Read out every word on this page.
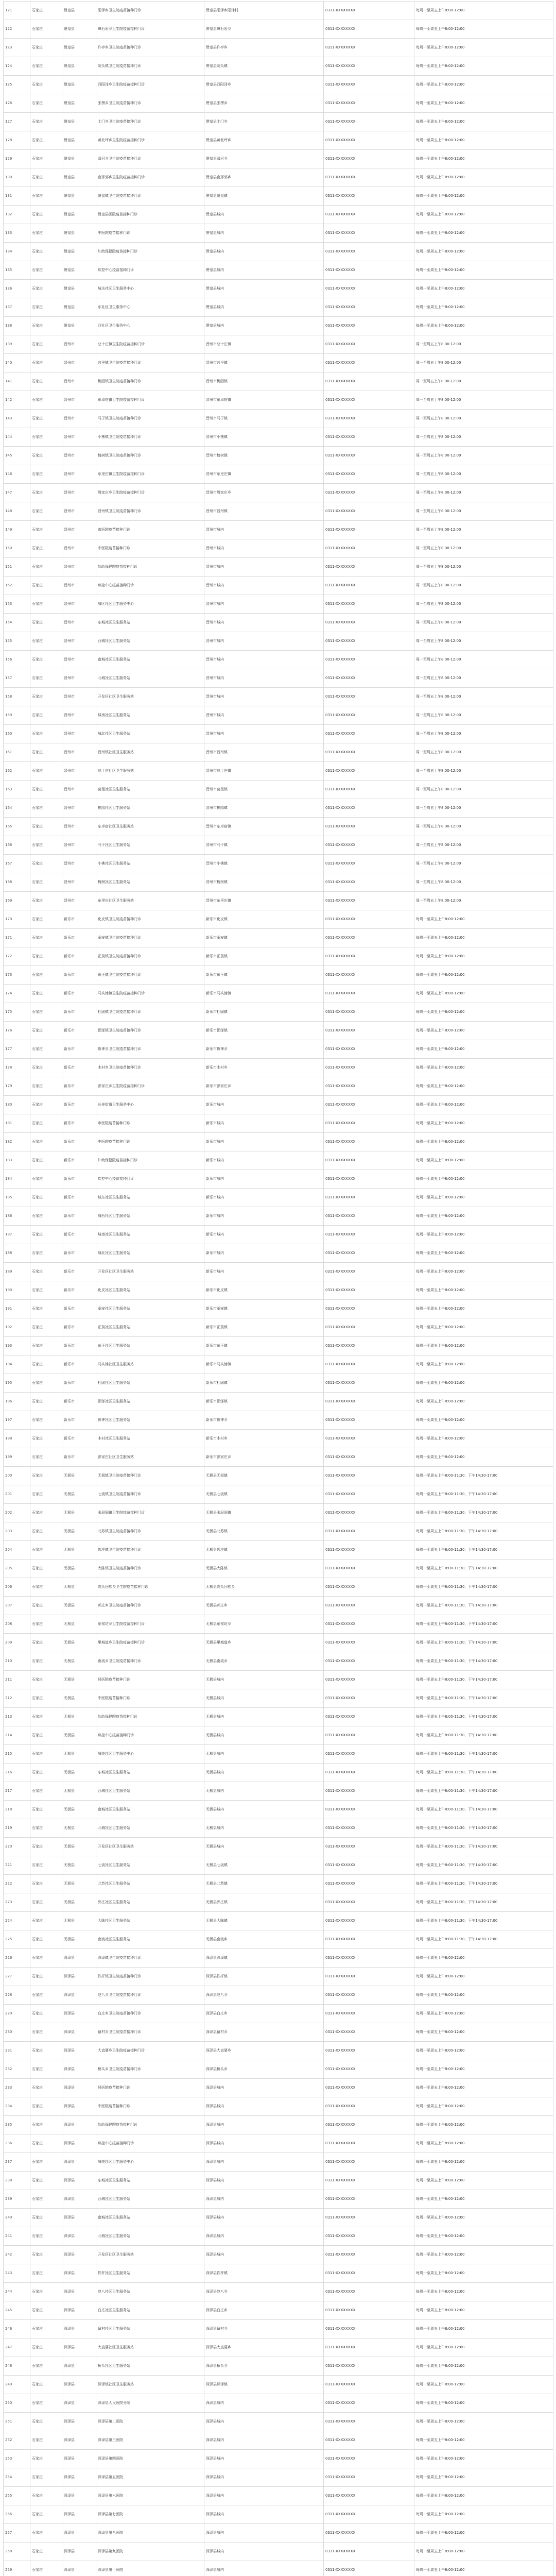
121	石家庄	赞皇县	阳泽乡卫生院疫苗接种门诊	赞皇县阳泽乡阳泽村	0311-XXXXXXXX	每周一至周五上午8:00-12:00
122	石家庄	赞皇县	嶂石岩乡卫生院疫苗接种门诊	赞皇县嶂石岩乡	0311-XXXXXXXX	每周一至周五上午8:00-12:00
123	石家庄	赞皇县	许亭乡卫生院疫苗接种门诊	赞皇县许亭乡	0311-XXXXXXXX	每周一至周五上午8:00-12:00
124	石家庄	赞皇县	院头镇卫生院疫苗接种门诊	赞皇县院头镇	0311-XXXXXXXX	每周一至周五上午8:00-12:00
125	石家庄	赞皇县	西阳泽乡卫生院疫苗接种门诊	赞皇县西阳泽乡	0311-XXXXXXXX	每周一至周五上午8:00-12:00
126	石家庄	赞皇县	张楞乡卫生院疫苗接种门诊	赞皇县张楞乡	0311-XXXXXXXX	每周一至周五上午8:00-12:00
127	石家庄	赞皇县	土门乡卫生院疫苗接种门诊	赞皇县土门乡	0311-XXXXXXXX	每周一至周五上午8:00-12:00
128	石家庄	赞皇县	黄北坪乡卫生院疫苗接种门诊	赞皇县黄北坪乡	0311-XXXXXXXX	每周一至周五上午8:00-12:00
129	石家庄	赞皇县	清河乡卫生院疫苗接种门诊	赞皇县清河乡	0311-XXXXXXXX	每周一至周五上午8:00-12:00
130	石家庄	赞皇县	南邢郭乡卫生院疫苗接种门诊	赞皇县南邢郭乡	0311-XXXXXXXX	每周一至周五上午8:00-12:00
131	石家庄	赞皇县	赞皇镇卫生院疫苗接种门诊	赞皇县赞皇镇	0311-XXXXXXXX	每周一至周五上午8:00-12:00
132	石家庄	赞皇县	赞皇县医院疫苗接种门诊	赞皇县城内	0311-XXXXXXXX	每周一至周五上午8:00-12:00
133	石家庄	赞皇县	中医院疫苗接种门诊	赞皇县城内	0311-XXXXXXXX	每周一至周五上午8:00-12:00
134	石家庄	赞皇县	妇幼保健院疫苗接种门诊	赞皇县城内	0311-XXXXXXXX	每周一至周五上午8:00-12:00
135	石家庄	赞皇县	疾控中心疫苗接种门诊	赞皇县城内	0311-XXXXXXXX	每周一至周五上午8:00-12:00
136	石家庄	赞皇县	城关社区卫生服务中心	赞皇县城内	0311-XXXXXXXX	每周一至周五上午8:00-12:00
137	石家庄	赞皇县	东社区卫生服务中心	赞皇县城内	0311-XXXXXXXX	每周一至周五上午8:00-12:00
138	石家庄	赞皇县	西社区卫生服务中心	赞皇县城内	0311-XXXXXXXX	每周一至周五上午8:00-12:00
139	石家庄	晋州市	总十庄镇卫生院疫苗接种门诊	晋州市总十庄镇	0311-XXXXXXXX	周一至周五上午8:00-12:00
140	石家庄	晋州市	营里镇卫生院疫苗接种门诊	晋州市营里镇	0311-XXXXXXXX	周一至周五上午8:00-12:00
141	石家庄	晋州市	桃园镇卫生院疫苗接种门诊	晋州市桃园镇	0311-XXXXXXXX	周一至周五上午8:00-12:00
142	石家庄	晋州市	东卓宿镇卫生院疫苗接种门诊	晋州市东卓宿镇	0311-XXXXXXXX	周一至周五上午8:00-12:00
143	石家庄	晋州市	马于镇卫生院疫苗接种门诊	晋州市马于镇	0311-XXXXXXXX	周一至周五上午8:00-12:00
144	石家庄	晋州市	小樵镇卫生院疫苗接种门诊	晋州市小樵镇	0311-XXXXXXXX	周一至周五上午8:00-12:00
145	石家庄	晋州市	槐树镇卫生院疫苗接种门诊	晋州市槐树镇	0311-XXXXXXXX	周一至周五上午8:00-12:00
146	石家庄	晋州市	东里庄镇卫生院疫苗接种门诊	晋州市东里庄镇	0311-XXXXXXXX	周一至周五上午8:00-12:00
147	石家庄	晋州市	周家庄乡卫生院疫苗接种门诊	晋州市周家庄乡	0311-XXXXXXXX	周一至周五上午8:00-12:00
148	石家庄	晋州市	晋州镇卫生院疫苗接种门诊	晋州市晋州镇	0311-XXXXXXXX	周一至周五上午8:00-12:00
149	石家庄	晋州市	市医院疫苗接种门诊	晋州市城内	0311-XXXXXXXX	周一至周五上午8:00-12:00
150	石家庄	晋州市	中医院疫苗接种门诊	晋州市城内	0311-XXXXXXXX	周一至周五上午8:00-12:00
151	石家庄	晋州市	妇幼保健院疫苗接种门诊	晋州市城内	0311-XXXXXXXX	周一至周五上午8:00-12:00
152	石家庄	晋州市	疾控中心疫苗接种门诊	晋州市城内	0311-XXXXXXXX	周一至周五上午8:00-12:00
153	石家庄	晋州市	城区社区卫生服务中心	晋州市城内	0311-XXXXXXXX	周一至周五上午8:00-12:00
154	石家庄	晋州市	东城社区卫生服务站	晋州市城内	0311-XXXXXXXX	周一至周五上午8:00-12:00
155	石家庄	晋州市	西城社区卫生服务站	晋州市城内	0311-XXXXXXXX	周一至周五上午8:00-12:00
156	石家庄	晋州市	南城社区卫生服务站	晋州市城内	0311-XXXXXXXX	周一至周五上午8:00-12:00
157	石家庄	晋州市	北城社区卫生服务站	晋州市城内	0311-XXXXXXXX	周一至周五上午8:00-12:00
158	石家庄	晋州市	开发区社区卫生服务站	晋州市城内	0311-XXXXXXXX	周一至周五上午8:00-12:00
159	石家庄	晋州市	城南社区卫生服务站	晋州市城内	0311-XXXXXXXX	周一至周五上午8:00-12:00
160	石家庄	晋州市	城北社区卫生服务站	晋州市城内	0311-XXXXXXXX	周一至周五上午8:00-12:00
161	石家庄	晋州市	晋州镇社区卫生服务站	晋州市晋州镇	0311-XXXXXXXX	周一至周五上午8:00-12:00
162	石家庄	晋州市	总十庄社区卫生服务站	晋州市总十庄镇	0311-XXXXXXXX	周一至周五上午8:00-12:00
163	石家庄	晋州市	营里社区卫生服务站	晋州市营里镇	0311-XXXXXXXX	周一至周五上午8:00-12:00
164	石家庄	晋州市	桃园社区卫生服务站	晋州市桃园镇	0311-XXXXXXXX	周一至周五上午8:00-12:00
165	石家庄	晋州市	东卓宿社区卫生服务站	晋州市东卓宿镇	0311-XXXXXXXX	周一至周五上午8:00-12:00
166	石家庄	晋州市	马于社区卫生服务站	晋州市马于镇	0311-XXXXXXXX	周一至周五上午8:00-12:00
167	石家庄	晋州市	小樵社区卫生服务站	晋州市小樵镇	0311-XXXXXXXX	周一至周五上午8:00-12:00
168	石家庄	晋州市	槐树社区卫生服务站	晋州市槐树镇	0311-XXXXXXXX	周一至周五上午8:00-12:00
169	石家庄	晋州市	东里庄社区卫生服务站	晋州市东里庄镇	0311-XXXXXXXX	周一至周五上午8:00-12:00
170	石家庄	新乐市	化皮镇卫生院疫苗接种门诊	新乐市化皮镇	0311-XXXXXXXX	每周一至周五上午8:00-12:00
171	石家庄	新乐市	承安镇卫生院疫苗接种门诊	新乐市承安镇	0311-XXXXXXXX	每周一至周五上午8:00-12:00
172	石家庄	新乐市	正莫镇卫生院疫苗接种门诊	新乐市正莫镇	0311-XXXXXXXX	每周一至周五上午8:00-12:00
173	石家庄	新乐市	东王镇卫生院疫苗接种门诊	新乐市东王镇	0311-XXXXXXXX	每周一至周五上午8:00-12:00
174	石家庄	新乐市	马头铺镇卫生院疫苗接种门诊	新乐市马头铺镇	0311-XXXXXXXX	每周一至周五上午8:00-12:00
175	石家庄	新乐市	杜固镇卫生院疫苗接种门诊	新乐市杜固镇	0311-XXXXXXXX	每周一至周五上午8:00-12:00
176	石家庄	新乐市	邯邰镇卫生院疫苗接种门诊	新乐市邯邰镇	0311-XXXXXXXX	每周一至周五上午8:00-12:00
177	石家庄	新乐市	协神乡卫生院疫苗接种门诊	新乐市协神乡	0311-XXXXXXXX	每周一至周五上午8:00-12:00
178	石家庄	新乐市	木村乡卫生院疫苗接种门诊	新乐市木村乡	0311-XXXXXXXX	每周一至周五上午8:00-12:00
179	石家庄	新乐市	彭家庄乡卫生院疫苗接种门诊	新乐市彭家庄乡	0311-XXXXXXXX	每周一至周五上午8:00-12:00
180	石家庄	新乐市	长寿街道卫生服务中心	新乐市城内	0311-XXXXXXXX	每周一至周五上午8:00-12:00
181	石家庄	新乐市	市医院疫苗接种门诊	新乐市城内	0311-XXXXXXXX	每周一至周五上午8:00-12:00
182	石家庄	新乐市	中医院疫苗接种门诊	新乐市城内	0311-XXXXXXXX	每周一至周五上午8:00-12:00
183	石家庄	新乐市	妇幼保健院疫苗接种门诊	新乐市城内	0311-XXXXXXXX	每周一至周五上午8:00-12:00
184	石家庄	新乐市	疾控中心疫苗接种门诊	新乐市城内	0311-XXXXXXXX	每周一至周五上午8:00-12:00
185	石家庄	新乐市	城东社区卫生服务站	新乐市城内	0311-XXXXXXXX	每周一至周五上午8:00-12:00
186	石家庄	新乐市	城西社区卫生服务站	新乐市城内	0311-XXXXXXXX	每周一至周五上午8:00-12:00
187	石家庄	新乐市	城南社区卫生服务站	新乐市城内	0311-XXXXXXXX	每周一至周五上午8:00-12:00
188	石家庄	新乐市	城北社区卫生服务站	新乐市城内	0311-XXXXXXXX	每周一至周五上午8:00-12:00
189	石家庄	新乐市	开发区社区卫生服务站	新乐市城内	0311-XXXXXXXX	每周一至周五上午8:00-12:00
190	石家庄	新乐市	化皮社区卫生服务站	新乐市化皮镇	0311-XXXXXXXX	每周一至周五上午8:00-12:00
191	石家庄	新乐市	承安社区卫生服务站	新乐市承安镇	0311-XXXXXXXX	每周一至周五上午8:00-12:00
192	石家庄	新乐市	正莫社区卫生服务站	新乐市正莫镇	0311-XXXXXXXX	每周一至周五上午8:00-12:00
193	石家庄	新乐市	东王社区卫生服务站	新乐市东王镇	0311-XXXXXXXX	每周一至周五上午8:00-12:00
194	石家庄	新乐市	马头铺社区卫生服务站	新乐市马头铺镇	0311-XXXXXXXX	每周一至周五上午8:00-12:00
195	石家庄	新乐市	杜固社区卫生服务站	新乐市杜固镇	0311-XXXXXXXX	每周一至周五上午8:00-12:00
196	石家庄	新乐市	邯邰社区卫生服务站	新乐市邯邰镇	0311-XXXXXXXX	每周一至周五上午8:00-12:00
197	石家庄	新乐市	协神社区卫生服务站	新乐市协神乡	0311-XXXXXXXX	每周一至周五上午8:00-12:00
198	石家庄	新乐市	木村社区卫生服务站	新乐市木村乡	0311-XXXXXXXX	每周一至周五上午8:00-12:00
199	石家庄	新乐市	彭家庄社区卫生服务站	新乐市彭家庄乡	0311-XXXXXXXX	每周一至周五上午8:00-12:00
200	石家庄	无极县	无极镇卫生院疫苗接种门诊	无极县无极镇	0311-XXXXXXXX	每周一至周五上午8:00-11:30，下午14:30-17:00
201	石家庄	无极县	七汲镇卫生院疫苗接种门诊	无极县七汲镇	0311-XXXXXXXX	每周一至周五上午8:00-11:30，下午14:30-17:00
202	石家庄	无极县	张段固镇卫生院疫苗接种门诊	无极县张段固镇	0311-XXXXXXXX	每周一至周五上午8:00-11:30，下午14:30-17:00
203	石家庄	无极县	北苏镇卫生院疫苗接种门诊	无极县北苏镇	0311-XXXXXXXX	每周一至周五上午8:00-11:30，下午14:30-17:00
204	石家庄	无极县	郭庄镇卫生院疫苗接种门诊	无极县郭庄镇	0311-XXXXXXXX	每周一至周五上午8:00-11:30，下午14:30-17:00
205	石家庄	无极县	大陈镇卫生院疫苗接种门诊	无极县大陈镇	0311-XXXXXXXX	每周一至周五上午8:00-11:30，下午14:30-17:00
206	石家庄	无极县	高头回族乡卫生院疫苗接种门诊	无极县高头回族乡	0311-XXXXXXXX	每周一至周五上午8:00-11:30，下午14:30-17:00
207	石家庄	无极县	郝庄乡卫生院疫苗接种门诊	无极县郝庄乡	0311-XXXXXXXX	每周一至周五上午8:00-11:30，下午14:30-17:00
208	石家庄	无极县	东侯坊乡卫生院疫苗接种门诊	无极县东侯坊乡	0311-XXXXXXXX	每周一至周五上午8:00-11:30，下午14:30-17:00
209	石家庄	无极县	里城道乡卫生院疫苗接种门诊	无极县里城道乡	0311-XXXXXXXX	每周一至周五上午8:00-11:30，下午14:30-17:00
210	石家庄	无极县	南流乡卫生院疫苗接种门诊	无极县南流乡	0311-XXXXXXXX	每周一至周五上午8:00-11:30，下午14:30-17:00
211	石家庄	无极县	县医院疫苗接种门诊	无极县城内	0311-XXXXXXXX	每周一至周五上午8:00-11:30，下午14:30-17:00
212	石家庄	无极县	中医院疫苗接种门诊	无极县城内	0311-XXXXXXXX	每周一至周五上午8:00-11:30，下午14:30-17:00
213	石家庄	无极县	妇幼保健院疫苗接种门诊	无极县城内	0311-XXXXXXXX	每周一至周五上午8:00-11:30，下午14:30-17:00
214	石家庄	无极县	疾控中心疫苗接种门诊	无极县城内	0311-XXXXXXXX	每周一至周五上午8:00-11:30，下午14:30-17:00
215	石家庄	无极县	城关社区卫生服务中心	无极县城内	0311-XXXXXXXX	每周一至周五上午8:00-11:30，下午14:30-17:00
216	石家庄	无极县	东城社区卫生服务站	无极县城内	0311-XXXXXXXX	每周一至周五上午8:00-11:30，下午14:30-17:00
217	石家庄	无极县	西城社区卫生服务站	无极县城内	0311-XXXXXXXX	每周一至周五上午8:00-11:30，下午14:30-17:00
218	石家庄	无极县	南城社区卫生服务站	无极县城内	0311-XXXXXXXX	每周一至周五上午8:00-11:30，下午14:30-17:00
219	石家庄	无极县	北城社区卫生服务站	无极县城内	0311-XXXXXXXX	每周一至周五上午8:00-11:30，下午14:30-17:00
220	石家庄	无极县	开发区社区卫生服务站	无极县城内	0311-XXXXXXXX	每周一至周五上午8:00-11:30，下午14:30-17:00
221	石家庄	无极县	七汲社区卫生服务站	无极县七汲镇	0311-XXXXXXXX	每周一至周五上午8:00-11:30，下午14:30-17:00
222	石家庄	无极县	北苏社区卫生服务站	无极县北苏镇	0311-XXXXXXXX	每周一至周五上午8:00-11:30，下午14:30-17:00
223	石家庄	无极县	郭庄社区卫生服务站	无极县郭庄镇	0311-XXXXXXXX	每周一至周五上午8:00-11:30，下午14:30-17:00
224	石家庄	无极县	大陈社区卫生服务站	无极县大陈镇	0311-XXXXXXXX	每周一至周五上午8:00-11:30，下午14:30-17:00
225	石家庄	无极县	南流社区卫生服务站	无极县南流乡	0311-XXXXXXXX	每周一至周五上午8:00-11:30，下午14:30-17:00
226	石家庄	深泽县	深泽镇卫生院疫苗接种门诊	深泽县深泽镇	0311-XXXXXXXX	每周一至周五上午8:00-12:00
227	石家庄	深泽县	铁杆镇卫生院疫苗接种门诊	深泽县铁杆镇	0311-XXXXXXXX	每周一至周五上午8:00-12:00
228	石家庄	深泽县	赵八乡卫生院疫苗接种门诊	深泽县赵八乡	0311-XXXXXXXX	每周一至周五上午8:00-12:00
229	石家庄	深泽县	白庄乡卫生院疫苗接种门诊	深泽县白庄乡	0311-XXXXXXXX	每周一至周五上午8:00-12:00
230	石家庄	深泽县	留村乡卫生院疫苗接种门诊	深泽县留村乡	0311-XXXXXXXX	每周一至周五上午8:00-12:00
231	石家庄	深泽县	大直要乡卫生院疫苗接种门诊	深泽县大直要乡	0311-XXXXXXXX	每周一至周五上午8:00-12:00
232	石家庄	深泽县	桥头乡卫生院疫苗接种门诊	深泽县桥头乡	0311-XXXXXXXX	每周一至周五上午8:00-12:00
233	石家庄	深泽县	县医院疫苗接种门诊	深泽县城内	0311-XXXXXXXX	每周一至周五上午8:00-12:00
234	石家庄	深泽县	中医院疫苗接种门诊	深泽县城内	0311-XXXXXXXX	每周一至周五上午8:00-12:00
235	石家庄	深泽县	妇幼保健院疫苗接种门诊	深泽县城内	0311-XXXXXXXX	每周一至周五上午8:00-12:00
236	石家庄	深泽县	疾控中心疫苗接种门诊	深泽县城内	0311-XXXXXXXX	每周一至周五上午8:00-12:00
237	石家庄	深泽县	城关社区卫生服务中心	深泽县城内	0311-XXXXXXXX	每周一至周五上午8:00-12:00
238	石家庄	深泽县	东城社区卫生服务站	深泽县城内	0311-XXXXXXXX	每周一至周五上午8:00-12:00
239	石家庄	深泽县	西城社区卫生服务站	深泽县城内	0311-XXXXXXXX	每周一至周五上午8:00-12:00
240	石家庄	深泽县	南城社区卫生服务站	深泽县城内	0311-XXXXXXXX	每周一至周五上午8:00-12:00
241	石家庄	深泽县	北城社区卫生服务站	深泽县城内	0311-XXXXXXXX	每周一至周五上午8:00-12:00
242	石家庄	深泽县	开发区社区卫生服务站	深泽县城内	0311-XXXXXXXX	每周一至周五上午8:00-12:00
243	石家庄	深泽县	铁杆社区卫生服务站	深泽县铁杆镇	0311-XXXXXXXX	每周一至周五上午8:00-12:00
244	石家庄	深泽县	赵八社区卫生服务站	深泽县赵八乡	0311-XXXXXXXX	每周一至周五上午8:00-12:00
245	石家庄	深泽县	白庄社区卫生服务站	深泽县白庄乡	0311-XXXXXXXX	每周一至周五上午8:00-12:00
246	石家庄	深泽县	留村社区卫生服务站	深泽县留村乡	0311-XXXXXXXX	每周一至周五上午8:00-12:00
247	石家庄	深泽县	大直要社区卫生服务站	深泽县大直要乡	0311-XXXXXXXX	每周一至周五上午8:00-12:00
248	石家庄	深泽县	桥头社区卫生服务站	深泽县桥头乡	0311-XXXXXXXX	每周一至周五上午8:00-12:00
249	石家庄	深泽县	深泽镇社区卫生服务站	深泽县深泽镇	0311-XXXXXXXX	每周一至周五上午8:00-12:00
250	石家庄	深泽县	深泽县人民医院分院	深泽县城内	0311-XXXXXXXX	每周一至周五上午8:00-12:00
251	石家庄	深泽县	深泽县第二医院	深泽县城内	0311-XXXXXXXX	每周一至周五上午8:00-12:00
252	石家庄	深泽县	深泽县第三医院	深泽县城内	0311-XXXXXXXX	每周一至周五上午8:00-12:00
253	石家庄	深泽县	深泽县第四医院	深泽县城内	0311-XXXXXXXX	每周一至周五上午8:00-12:00
254	石家庄	深泽县	深泽县第五医院	深泽县城内	0311-XXXXXXXX	每周一至周五上午8:00-12:00
255	石家庄	深泽县	深泽县第六医院	深泽县城内	0311-XXXXXXXX	每周一至周五上午8:00-12:00
256	石家庄	深泽县	深泽县第七医院	深泽县城内	0311-XXXXXXXX	每周一至周五上午8:00-12:00
257	石家庄	深泽县	深泽县第八医院	深泽县城内	0311-XXXXXXXX	每周一至周五上午8:00-12:00
258	石家庄	深泽县	深泽县第九医院	深泽县城内	0311-XXXXXXXX	每周一至周五上午8:00-12:00
259	石家庄	深泽县	深泽县第十医院	深泽县城内	0311-XXXXXXXX	每周一至周五上午8:00-12:00
